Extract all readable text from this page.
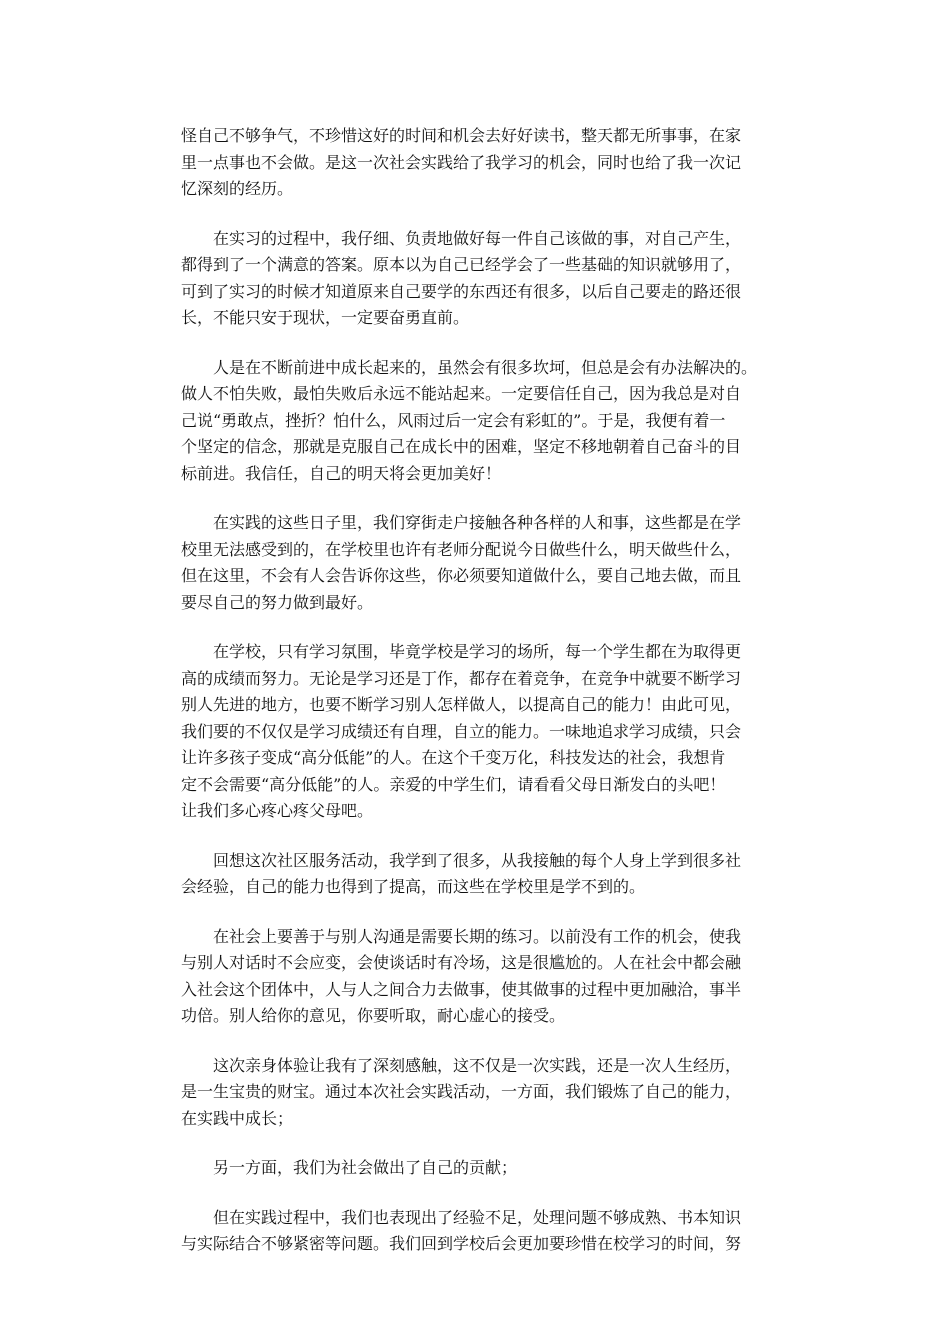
怪自己不够争气，不珍惜这好的时间和机会去好好读书，整天都无所事事，在家
里一点事也不会做。是这一次社会实践给了我学习的机会，同时也给了我一次记
忆深刻的经历。

在实习的过程中，我仔细、负责地做好每一件自己该做的事，对自己产生，
都得到了一个满意的答案。原本以为自己已经学会了一些基础的知识就够用了，
可到了实习的时候才知道原来自己要学的东西还有很多，以后自己要走的路还很
长，不能只安于现状，一定要奋勇直前。

人是在不断前进中成长起来的，虽然会有很多坎坷，但总是会有办法解决的。
做人不怕失败，最怕失败后永远不能站起来。一定要信任自己，因为我总是对自
己说“勇敢点，挫折？怕什么，风雨过后一定会有彩虹的”。于是，我便有着一
个坚定的信念，那就是克服自己在成长中的困难，坚定不移地朝着自己奋斗的目
标前进。我信任，自己的明天将会更加美好！

在实践的这些日子里，我们穿街走户接触各种各样的人和事，这些都是在学
校里无法感受到的，在学校里也许有老师分配说今日做些什么，明天做些什么，
但在这里，不会有人会告诉你这些，你必须要知道做什么，要自己地去做，而且
要尽自己的努力做到最好。

在学校，只有学习氛围，毕竟学校是学习的场所，每一个学生都在为取得更
高的成绩而努力。无论是学习还是丁作，都存在着竞争，在竞争中就要不断学习
别人先进的地方，也要不断学习别人怎样做人，以提高自己的能力！由此可见，
我们要的不仅仅是学习成绩还有自理，自立的能力。一味地追求学习成绩，只会
让许多孩子变成“高分低能”的人。在这个千变万化，科技发达的社会，我想肯
定不会需要“高分低能”的人。亲爱的中学生们，请看看父母日渐发白的头吧！
让我们多心疼心疼父母吧。

回想这次社区服务活动，我学到了很多，从我接触的每个人身上学到很多社
会经验，自己的能力也得到了提高，而这些在学校里是学不到的。

在社会上要善于与别人沟通是需要长期的练习。以前没有工作的机会，使我
与别人对话时不会应变，会使谈话时有冷场，这是很尴尬的。人在社会中都会融
入社会这个团体中，人与人之间合力去做事，使其做事的过程中更加融洽，事半
功倍。别人给你的意见，你要听取，耐心虚心的接受。

这次亲身体验让我有了深刻感触，这不仅是一次实践，还是一次人生经历，
是一生宝贵的财宝。通过本次社会实践活动，一方面，我们锻炼了自己的能力，
在实践中成长；

另一方面，我们为社会做出了自己的贡献；

但在实践过程中，我们也表现出了经验不足，处理问题不够成熟、书本知识
与实际结合不够紧密等问题。我们回到学校后会更加要珍惜在校学习的时间，努
